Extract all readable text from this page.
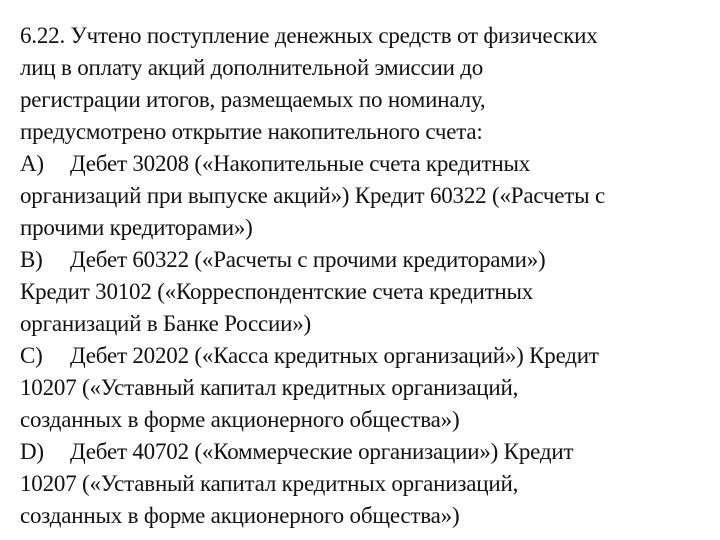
6.22. Учтено поступление денежных средств от физических
лиц в оплату акций дополнительной эмиссии до
регистрации итогов, размещаемых по номиналу,
предусмотрено открытие накопительного счета:
A) Дебет 30208 («Накопительные счета кредитных
организаций при выпуске акций») Кредит 60322 («Расчеты с
прочими кредиторами»)
B) Дебет 60322 («Расчеты с прочими кредиторами»)
Кредит 30102 («Корреспондентские счета кредитных
организаций в Банке России»)
C) Дебет 20202 («Касса кредитных организаций») Кредит
10207 («Уставный капитал кредитных организаций,
созданных в форме акционерного общества»)
D) Дебет 40702 («Коммерческие организации») Кредит
10207 («Уставный капитал кредитных организаций,
созданных в форме акционерного общества»)
